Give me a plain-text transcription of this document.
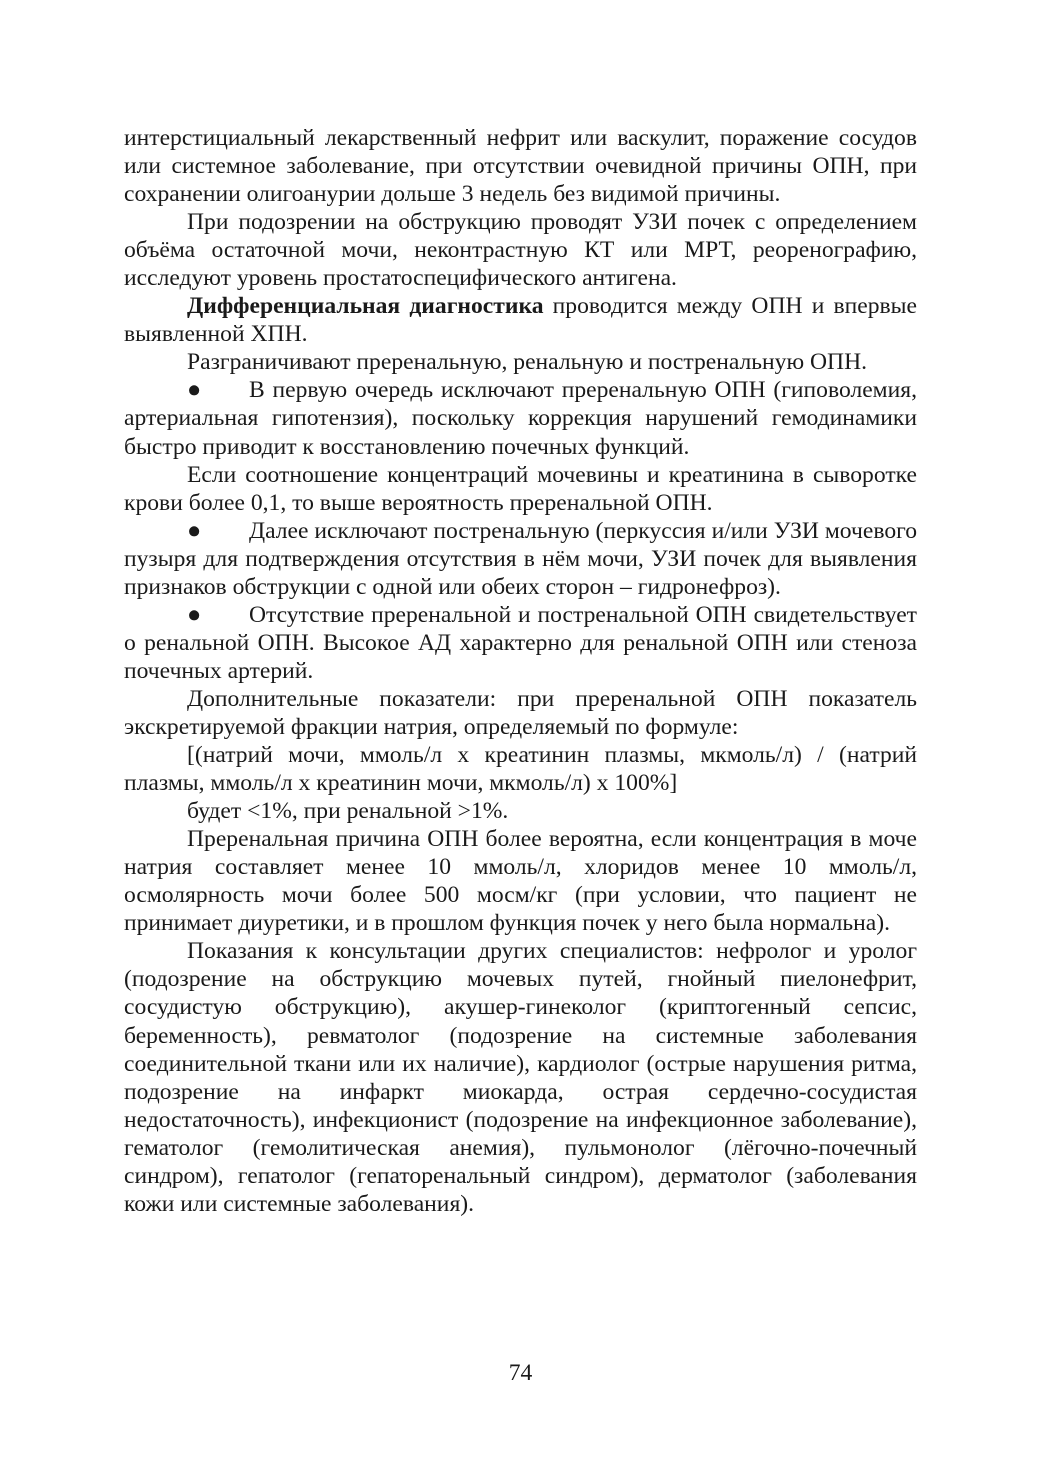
интерстициальный лекарственный нефрит или васкулит, поражение сосудов или системное заболевание, при отсутствии очевидной причины ОПН, при сохранении олигоанурии дольше 3 недель без видимой причины.

При подозрении на обструкцию проводят УЗИ почек с определением объёма остаточной мочи, неконтрастную КТ или МРТ, реоренографию, исследуют уровень простатоспецифического антигена.

Дифференциальная диагностика проводится между ОПН и впервые выявленной ХПН.

Разграничивают преренальную, ренальную и постренальную ОПН.

● В первую очередь исключают преренальную ОПН (гиповолемия, артериальная гипотензия), поскольку коррекция нарушений гемодинамики быстро приводит к восстановлению почечных функций.

Если соотношение концентраций мочевины и креатинина в сыворотке крови более 0,1, то выше вероятность преренальной ОПН.

● Далее исключают постренальную (перкуссия и/или УЗИ мочевого пузыря для подтверждения отсутствия в нём мочи, УЗИ почек для выявления признаков обструкции с одной или обеих сторон – гидронефроз).

● Отсутствие преренальной и постренальной ОПН свидетельствует о ренальной ОПН. Высокое АД характерно для ренальной ОПН или стеноза почечных артерий.

Дополнительные показатели: при преренальной ОПН показатель экскретируемой фракции натрия, определяемый по формуле:

[(натрий мочи, ммоль/л х креатинин плазмы, мкмоль/л) / (натрий плазмы, ммоль/л х креатинин мочи, мкмоль/л) х 100%]

будет <1%, при ренальной >1%.

Преренальная причина ОПН более вероятна, если концентрация в моче натрия составляет менее 10 ммоль/л, хлоридов менее 10 ммоль/л, осмолярность мочи более 500 мосм/кг (при условии, что пациент не принимает диуретики, и в прошлом функция почек у него была нормальна).

Показания к консультации других специалистов: нефролог и уролог (подозрение на обструкцию мочевых путей, гнойный пиелонефрит, сосудистую обструкцию), акушер-гинеколог (криптогенный сепсис, беременность), ревматолог (подозрение на системные заболевания соединительной ткани или их наличие), кардиолог (острые нарушения ритма, подозрение на инфаркт миокарда, острая сердечно-сосудистая недостаточность), инфекционист (подозрение на инфекционное заболевание), гематолог (гемолитическая анемия), пульмонолог (лёгочно-почечный синдром), гепатолог (гепаторенальный синдром), дерматолог (заболевания кожи или системные заболевания).

74
